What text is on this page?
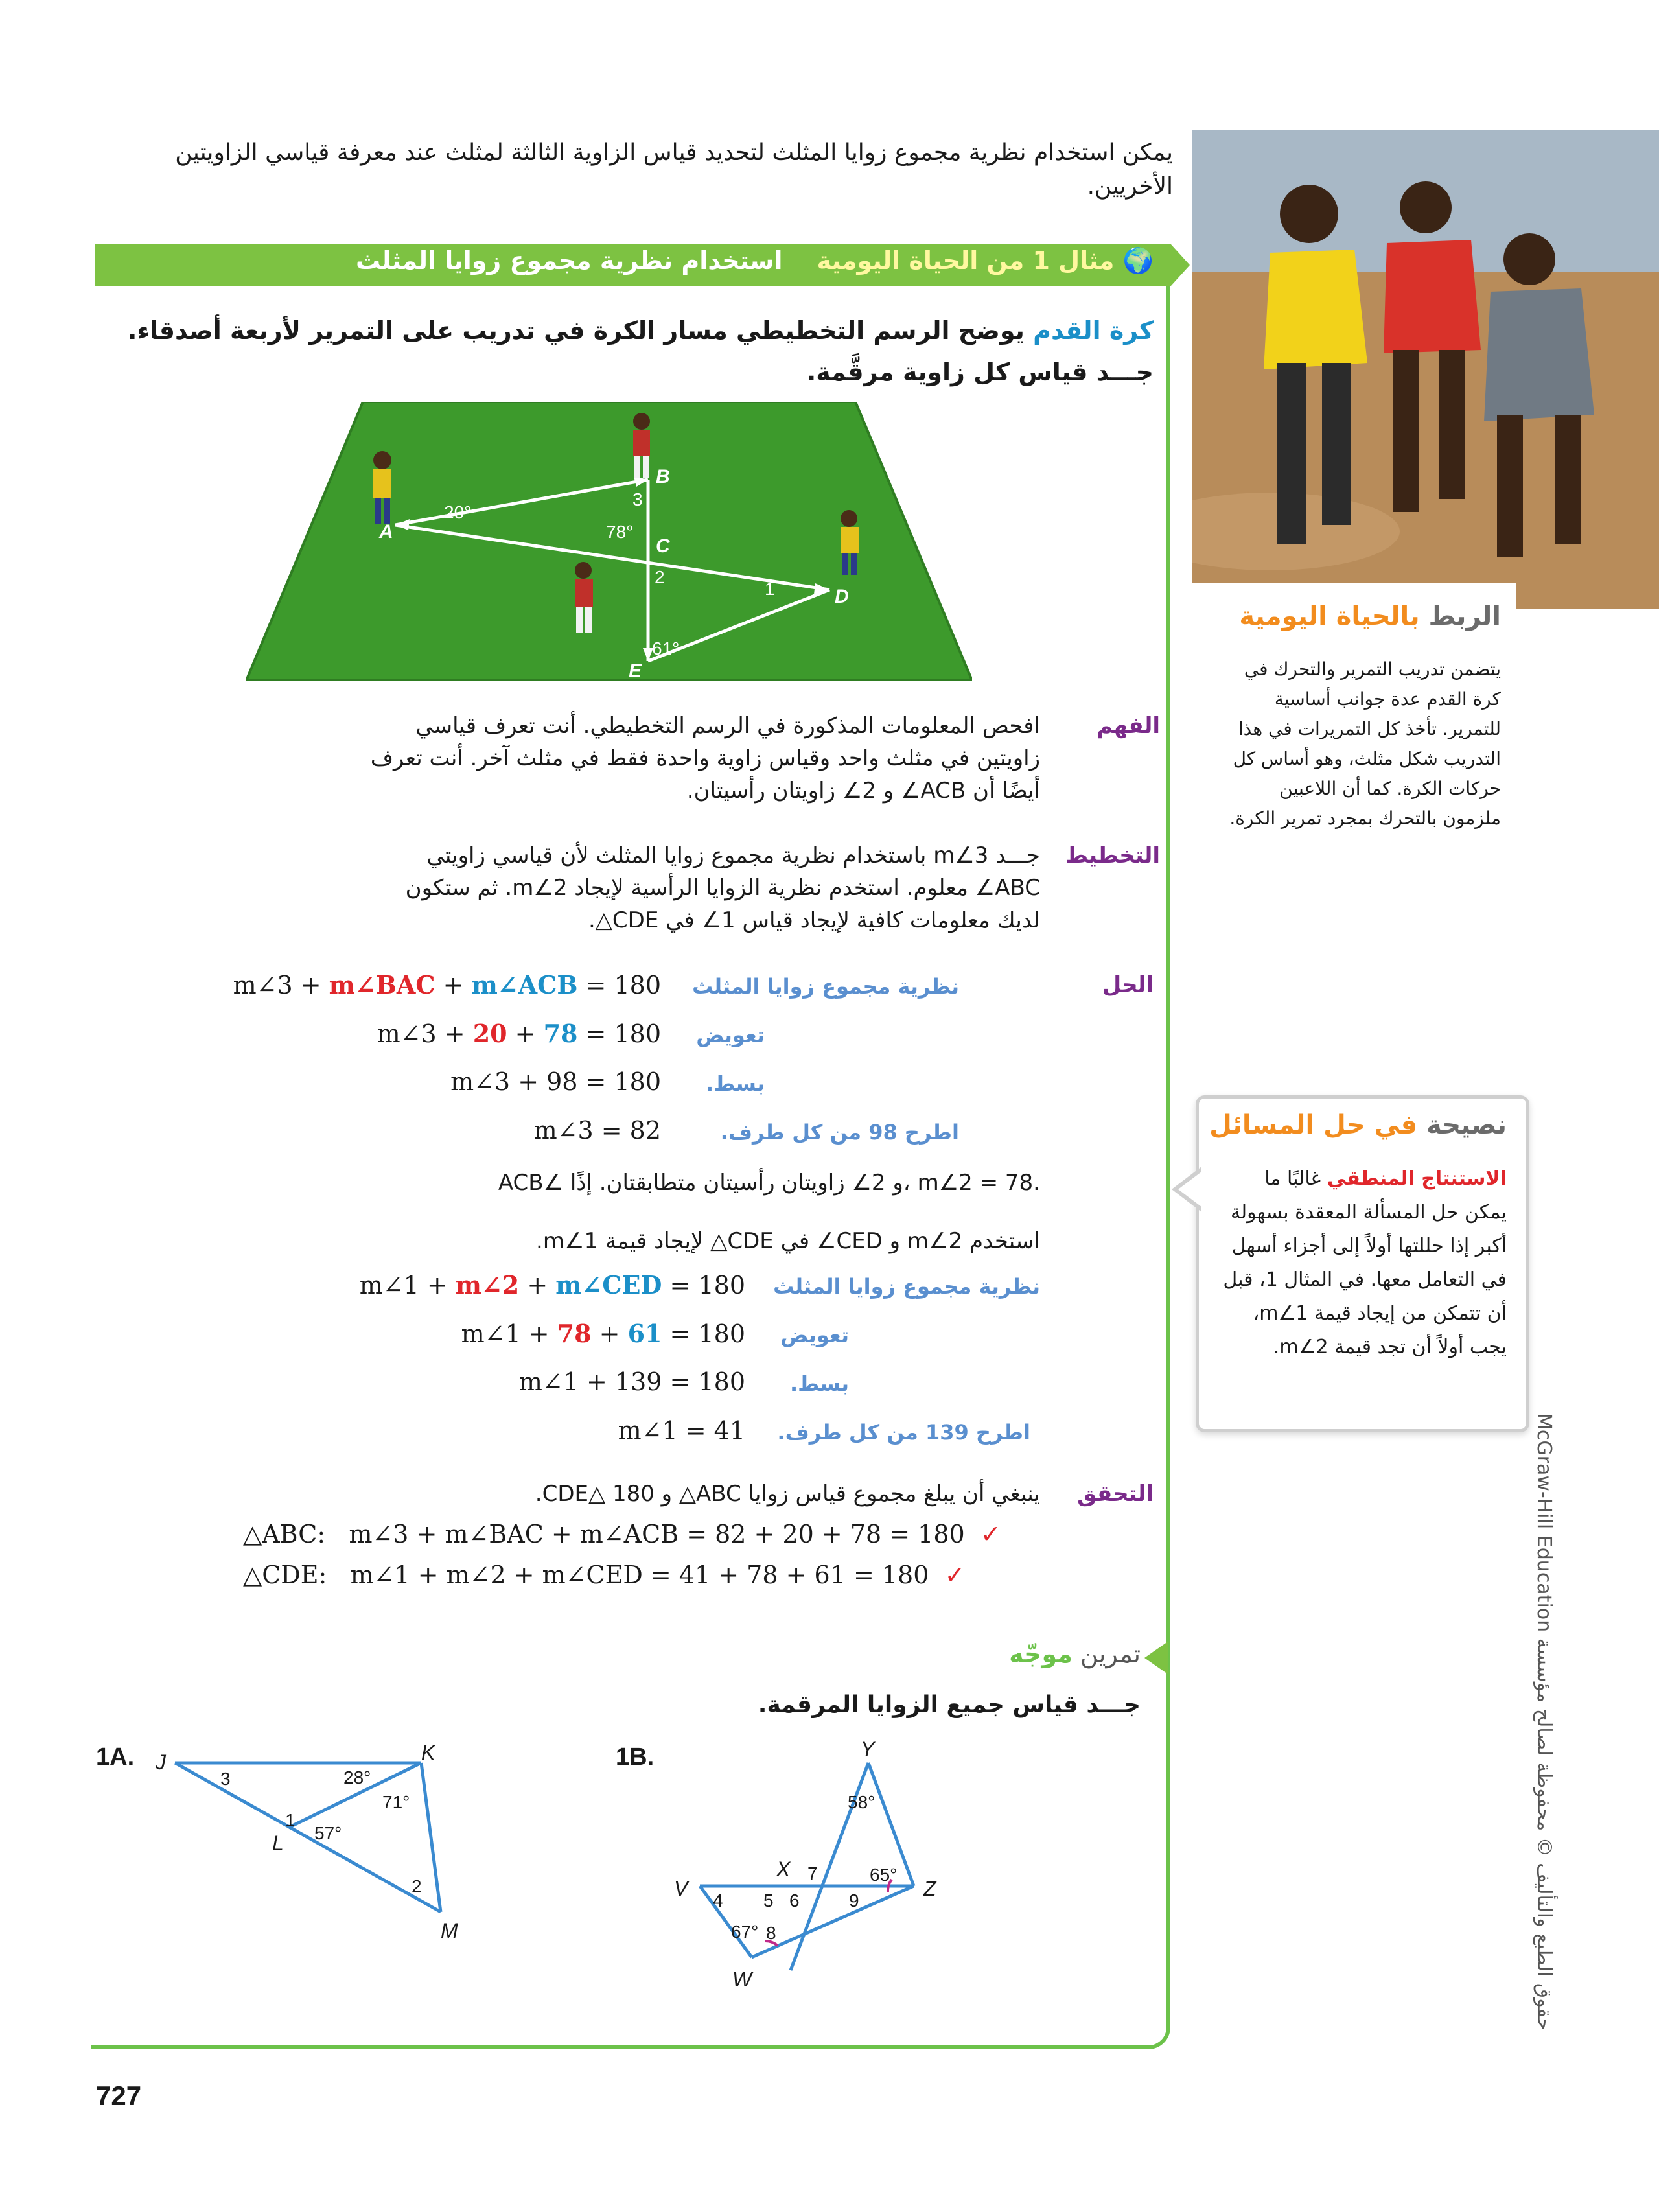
يمكن استخدام نظرية مجموع زوايا المثلث لتحديد قياس الزاوية الثالثة لمثلث عند معرفة قياسي الزاويتين الأخريين.
الربط بالحياة اليومية
يتضمن تدريب التمرير والتحرك في كرة القدم عدة جوانب أساسية للتمرير. تأخذ كل التمريرات في هذا التدريب شكل مثلث، وهو أساس كل حركات الكرة. كما أن اللاعبين ملزمون بالتحرك بمجرد تمرير الكرة.
نصيحة في حل المسائل
الاستنتاج المنطقي غالبًا ما يمكن حل المسألة المعقدة بسهولة أكبر إذا حللتها أولاً إلى أجزاء أسهل في التعامل معها. في المثال 1، قبل أن تتمكن من إيجاد قيمة m∠1، يجب أولاً أن تجد قيمة m∠2.
🌍 مثال 1 من الحياة اليومية    استخدام نظرية مجموع زوايا المثلث
كرة القدم يوضح الرسم التخطيطي مسار الكرة في تدريب على التمرير لأربعة أصدقاء. جـــد قياس كل زاوية مرقَّمة.
A
B
C
D
E
20°
78°
61°
1
2
3
الفهم
افحص المعلومات المذكورة في الرسم التخطيطي. أنت تعرف قياسي زاويتين في مثلث واحد وقياس زاوية واحدة فقط في مثلث آخر. أنت تعرف أيضًا أن ACB∠ و 2∠ زاويتان رأسيتان.
التخطيط
جـــد m∠3 باستخدام نظرية مجموع زوايا المثلث لأن قياسي زاويتي ABC∠ معلوم. استخدم نظرية الزوايا الرأسية لإيجاد m∠2. ثم ستكون لديك معلومات كافية لإيجاد قياس 1∠ في CDE△.
الحل
m∠3 + m∠BAC + m∠ACB = 180 نظرية مجموع زوايا المثلث
m∠3 + 20 + 78 = 180 تعويض
m∠3 + 98 = 180 بسط.
m∠3 = 82	اطرح 98 من كل طرف.
ACB∠ و 2∠ زاويتان رأسيتان متطابقتان. إذًا، m∠2 = 78.
استخدم m∠2 و CED∠ في CDE△ لإيجاد قيمة m∠1.
m∠1 + m∠2 + m∠CED = 180 نظرية مجموع زوايا المثلث
m∠1 + 78 + 61 = 180 تعويض
m∠1 + 139 = 180 بسط.
m∠1 = 41 اطرح 139 من كل طرف.
التحقق
ينبغي أن يبلغ مجموع قياس زوايا ABC△ و CDE△ 180.
△ABC: m∠3 + m∠BAC + m∠ACB = 82 + 20 + 78 = 180 ✓
△CDE: m∠1 + m∠2 + m∠CED = 41 + 78 + 61 = 180 ✓
تمرين موجّه
جـــد قياس جميع الزوايا المرقمة.
1A. J	K
L
M
28°
71°
57°
1
2
3
1B.	Y
X
V	Z
W
58°
65°
67°
4 5 6
7
8
9
727
حقوق الطبع والتأليف © محفوظة لصالح مؤسسة McGraw-Hill Education
